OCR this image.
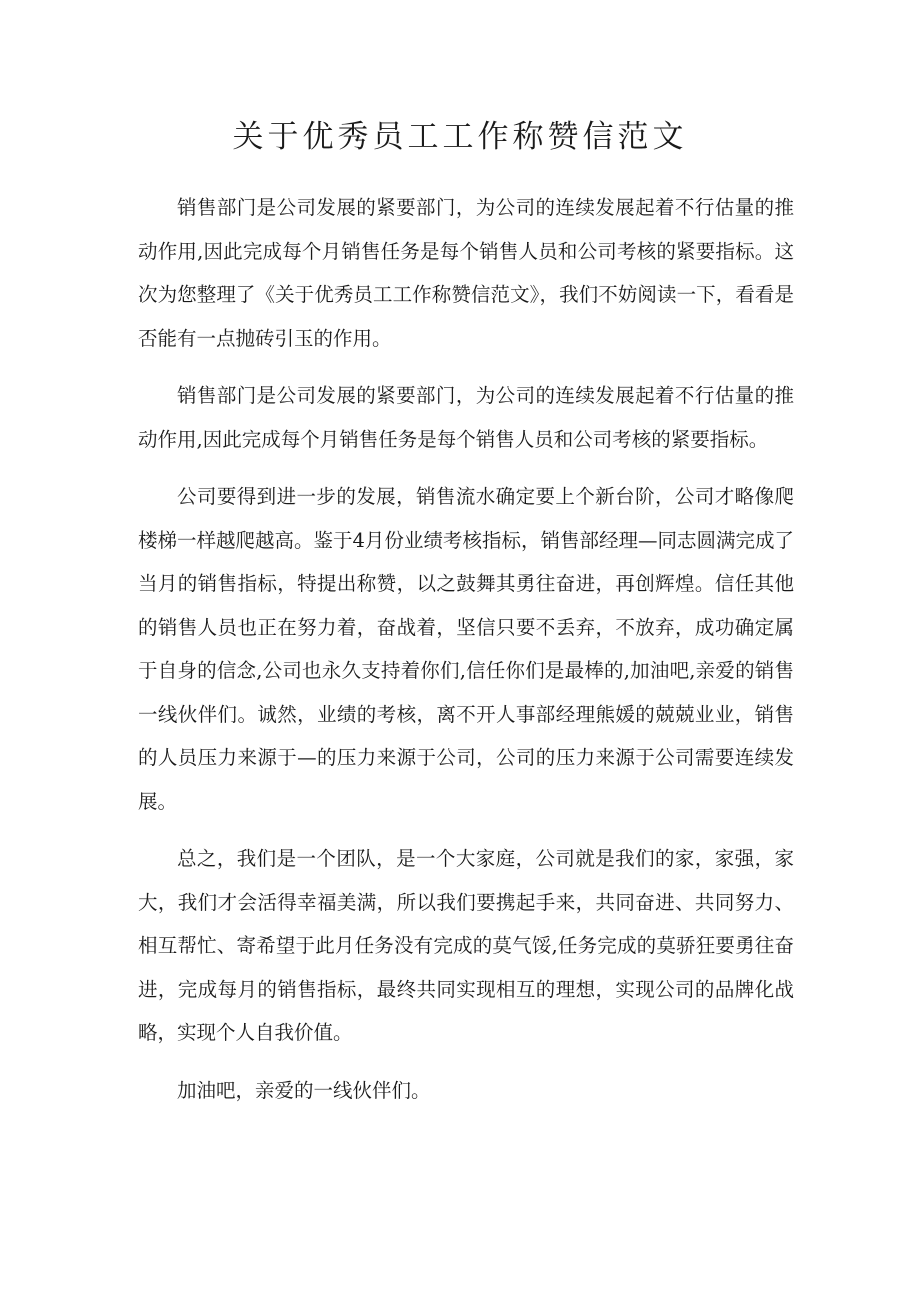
关于优秀员工工作称赞信范文

销售部门是公司发展的紧要部门，为公司的连续发展起着不行估量的推动作用,因此完成每个月销售任务是每个销售人员和公司考核的紧要指标。这次为您整理了《关于优秀员工工作称赞信范文》，我们不妨阅读一下，看看是否能有一点抛砖引玉的作用。

销售部门是公司发展的紧要部门，为公司的连续发展起着不行估量的推动作用,因此完成每个月销售任务是每个销售人员和公司考核的紧要指标。

公司要得到进一步的发展，销售流水确定要上个新台阶，公司才略像爬楼梯一样越爬越高。鉴于4月份业绩考核指标，销售部经理—同志圆满完成了当月的销售指标，特提出称赞，以之鼓舞其勇往奋进，再创辉煌。信任其他的销售人员也正在努力着，奋战着，坚信只要不丢弃，不放弃，成功确定属于自身的信念,公司也永久支持着你们,信任你们是最棒的,加油吧,亲爱的销售一线伙伴们。诚然，业绩的考核，离不开人事部经理熊媛的兢兢业业，销售的人员压力来源于—的压力来源于公司，公司的压力来源于公司需要连续发展。

总之，我们是一个团队，是一个大家庭，公司就是我们的家，家强，家大，我们才会活得幸福美满，所以我们要携起手来，共同奋进、共同努力、相互帮忙、寄希望于此月任务没有完成的莫气馁,任务完成的莫骄狂要勇往奋进，完成每月的销售指标，最终共同实现相互的理想，实现公司的品牌化战略，实现个人自我价值。

加油吧，亲爱的一线伙伴们。
